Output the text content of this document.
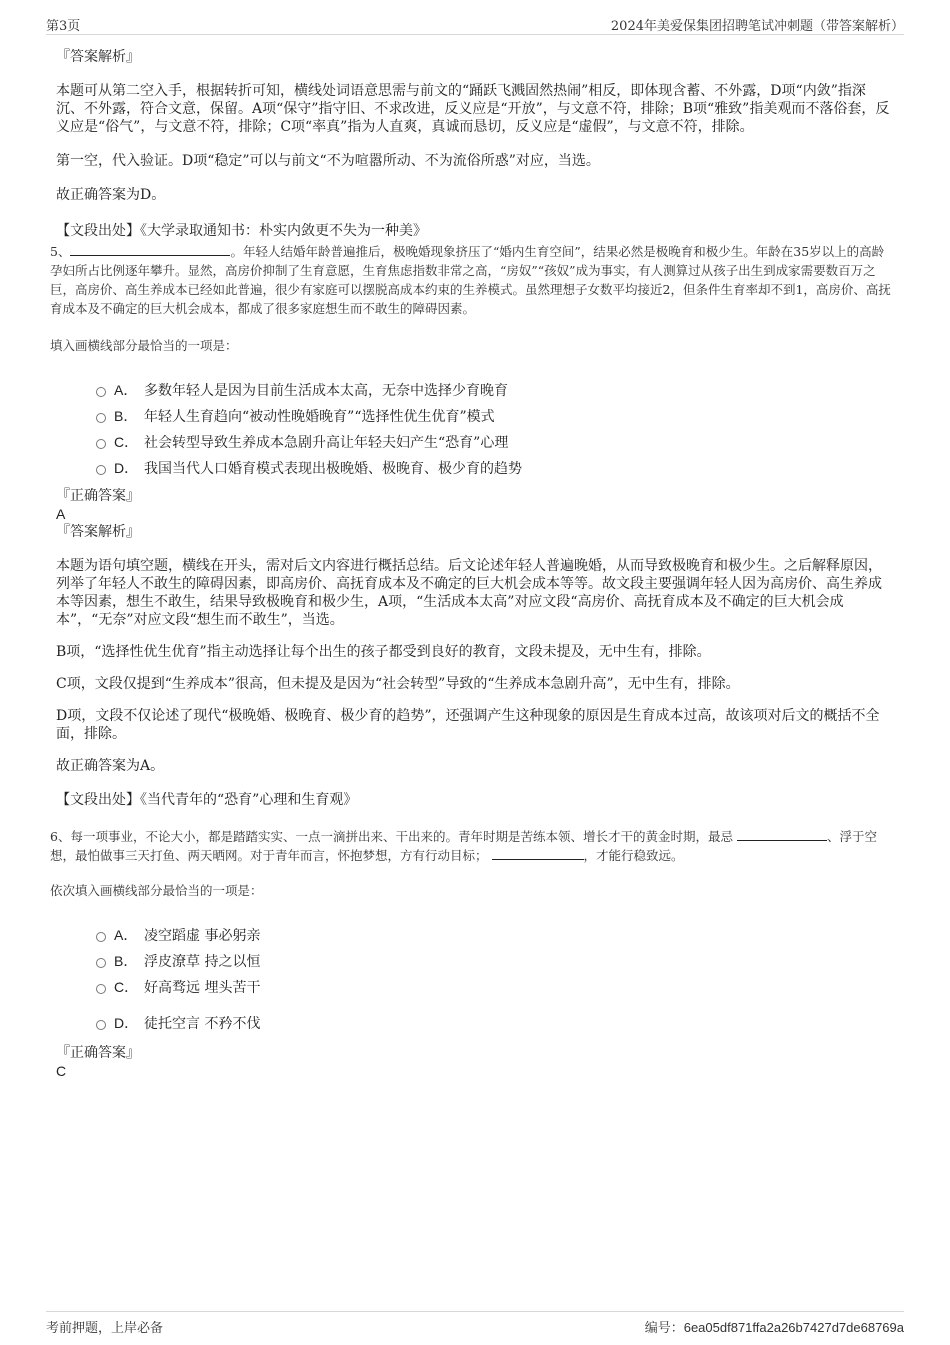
第3页	2024年美爱保集团招聘笔试冲刺题（带答案解析）
『答案解析』

本题可从第二空入手，根据转折可知，横线处词语意思需与前文的“踊跃飞溅固然热闹”相反，即体现含蓄、不外露，D项“内敛”指深沉、不外露，符合文意，保留。A项“保守”指守旧、不求改进，反义应是“开放”，与文意不符，排除；B项“雅致”指美观而不落俗套，反义应是“俗气”，与文意不符，排除；C项“率真”指为人直爽，真诚而恳切，反义应是“虚假”，与文意不符，排除。

第一空，代入验证。D项“稳定”可以与前文“不为喧嚣所动、不为流俗所惑”对应，当选。

故正确答案为D。

【文段出处】《大学录取通知书：朴实内敛更不失为一种美》

5、	。年轻人结婚年龄普遍推后，极晚婚现象挤压了“婚内生育空间”，结果必然是极晚育和极少生。年龄在35岁以上的高龄孕妇所占比例逐年攀升。显然，高房价抑制了生育意愿，生育焦虑指数非常之高，“房奴”“孩奴”成为事实，有人测算过从孩子出生到成家需要数百万之巨，高房价、高生养成本已经如此普遍，很少有家庭可以摆脱高成本约束的生养模式。虽然理想子女数平均接近2，但条件生育率却不到1，高房价、高抚育成本及不确定的巨大机会成本，都成了很多家庭想生而不敢生的障碍因素。
填入画横线部分最恰当的一项是：
A． 多数年轻人是因为目前生活成本太高，无奈中选择少育晚育
B． 年轻人生育趋向“被动性晚婚晚育”“选择性优生优育”模式
C． 社会转型导致生养成本急剧升高让年轻夫妇产生“恐育”心理
D． 我国当代人口婚育模式表现出极晚婚、极晚育、极少育的趋势
『正确答案』
A
『答案解析』

本题为语句填空题，横线在开头，需对后文内容进行概括总结。后文论述年轻人普遍晚婚，从而导致极晚育和极少生。之后解释原因，列举了年轻人不敢生的障碍因素，即高房价、高抚育成本及不确定的巨大机会成本等等。故文段主要强调年轻人因为高房价、高生养成本等因素，想生不敢生，结果导致极晚育和极少生，A项，“生活成本太高”对应文段“高房价、高抚育成本及不确定的巨大机会成本”，“无奈”对应文段“想生而不敢生”，当选。

B项，“选择性优生优育”指主动选择让每个出生的孩子都受到良好的教育，文段未提及，无中生有，排除。

C项，文段仅提到“生养成本”很高，但未提及是因为“社会转型”导致的“生养成本急剧升高”，无中生有，排除。

D项，文段不仅论述了现代“极晚婚、极晚育、极少育的趋势”，还强调产生这种现象的原因是生育成本过高，故该项对后文的概括不全面，排除。

故正确答案为A。

【文段出处】《当代青年的“恐育”心理和生育观》

6、每一项事业，不论大小，都是踏踏实实、一点一滴拼出来、干出来的。青年时期是苦练本领、增长才干的黄金时期，最忌	、浮于空想，最怕做事三天打鱼、两天晒网。对于青年而言，怀抱梦想，方有行动目标；	，才能行稳致远。
依次填入画横线部分最恰当的一项是：
A． 凌空蹈虚 事必躬亲
B． 浮皮潦草 持之以恒
C． 好高骛远 埋头苦干
D． 徒托空言 不矜不伐
『正确答案』
C
考前押题，上岸必备	编号：6ea05df871ffa2a26b7427d7de68769a
